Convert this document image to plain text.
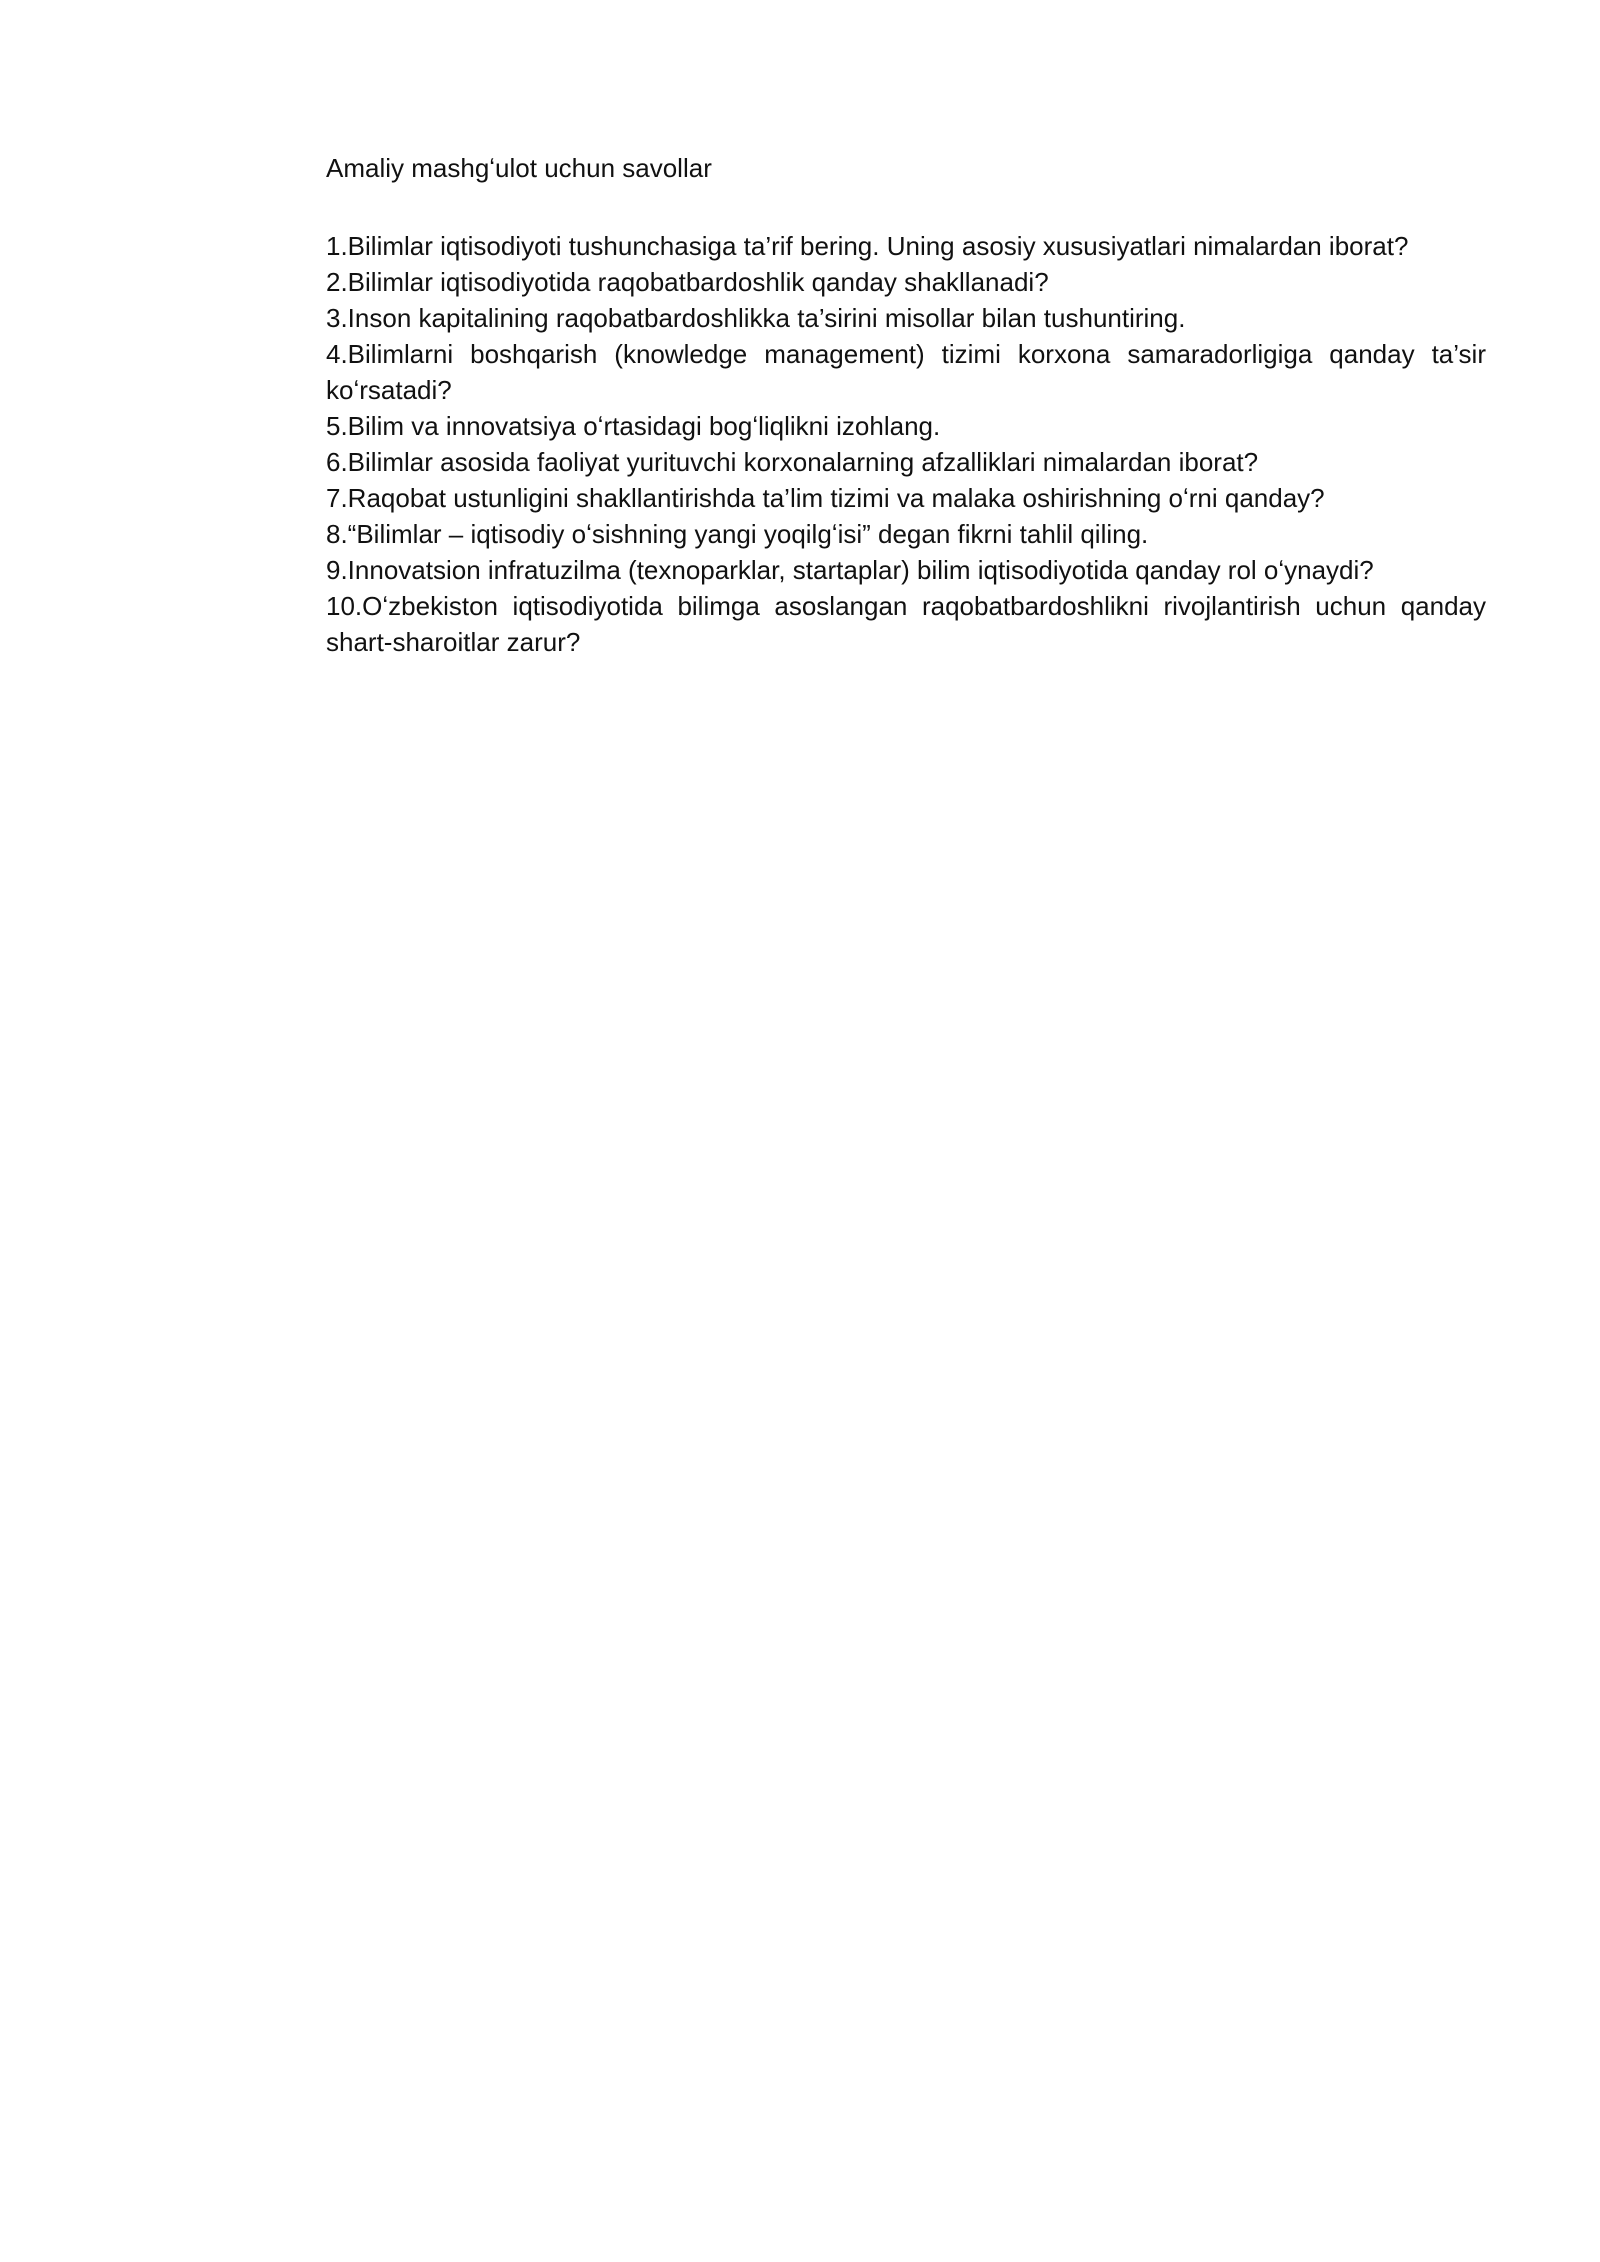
Amaliy mashgʻulot uchun savollar
1.Bilimlar iqtisodiyoti tushunchasiga ta’rif bering. Uning asosiy xususiyatlari nimalardan iborat?
2.Bilimlar iqtisodiyotida raqobatbardoshlik qanday shakllanadi?
3.Inson kapitalining raqobatbardoshlikka ta’sirini misollar bilan tushuntiring.
4.Bilimlarni boshqarish (knowledge management) tizimi korxona samaradorligiga qanday ta’sir koʻrsatadi?
5.Bilim va innovatsiya oʻrtasidagi bogʻliqlikni izohlang.
6.Bilimlar asosida faoliyat yurituvchi korxonalarning afzalliklari nimalardan iborat?
7.Raqobat ustunligini shakllantirishda ta’lim tizimi va malaka oshirishning oʻrni qanday?
8.“Bilimlar – iqtisodiy oʻsishning yangi yoqilgʻisi” degan fikrni tahlil qiling.
9.Innovatsion infratuzilma (texnoparklar, startaplar) bilim iqtisodiyotida qanday rol oʻynaydi?
10.Oʻzbekiston iqtisodiyotida bilimga asoslangan raqobatbardoshlikni rivojlantirish uchun qanday shart-sharoitlar zarur?
